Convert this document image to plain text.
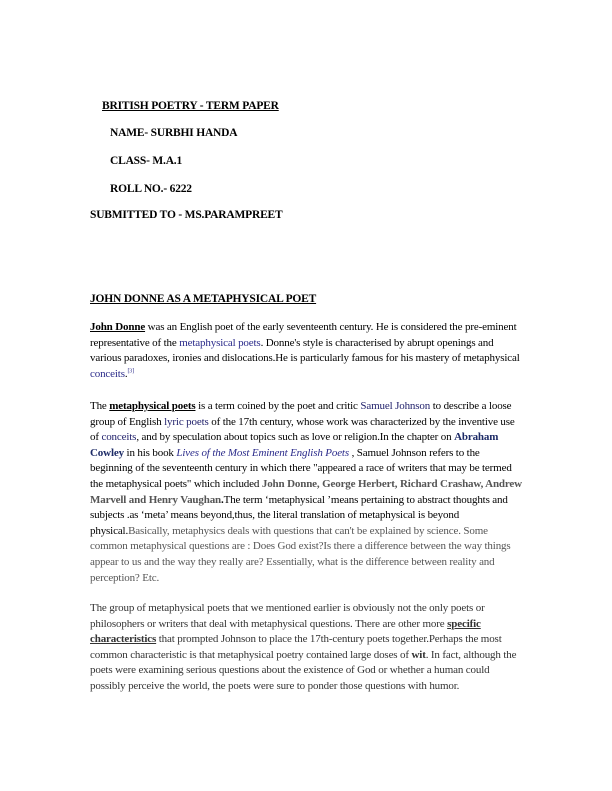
BRITISH POETRY - TERM PAPER
NAME- SURBHI HANDA
CLASS- M.A.1
ROLL NO.- 6222
SUBMITTED TO - MS.PARAMPREET
JOHN DONNE AS A METAPHYSICAL POET
John Donne was an English poet of the early seventeenth century. He is considered the pre-eminent representative of the metaphysical poets. Donne's style is characterised by abrupt openings and various paradoxes, ironies and dislocations.He is particularly famous for his mastery of metaphysical conceits.[3]
The metaphysical poets is a term coined by the poet and critic Samuel Johnson to describe a loose group of English lyric poets of the 17th century, whose work was characterized by the inventive use of conceits, and by speculation about topics such as love or religion.In the chapter on Abraham Cowley in his book Lives of the Most Eminent English Poets , Samuel Johnson refers to the beginning of the seventeenth century in which there "appeared a race of writers that may be termed the metaphysical poets" which included John Donne, George Herbert, Richard Crashaw, Andrew Marvell and Henry Vaughan.The term ‘metaphysical ’means pertaining to abstract thoughts and subjects .as ‘meta’ means beyond,thus, the literal translation of metaphysical is beyond physical.Basically, metaphysics deals with questions that can't be explained by science. Some common metaphysical questions are : Does God exist?Is there a difference between the way things appear to us and the way they really are? Essentially, what is the difference between reality and perception? Etc.
The group of metaphysical poets that we mentioned earlier is obviously not the only poets or philosophers or writers that deal with metaphysical questions. There are other more specific characteristics that prompted Johnson to place the 17th-century poets together.Perhaps the most common characteristic is that metaphysical poetry contained large doses of wit. In fact, although the poets were examining serious questions about the existence of God or whether a human could possibly perceive the world, the poets were sure to ponder those questions with humor.
